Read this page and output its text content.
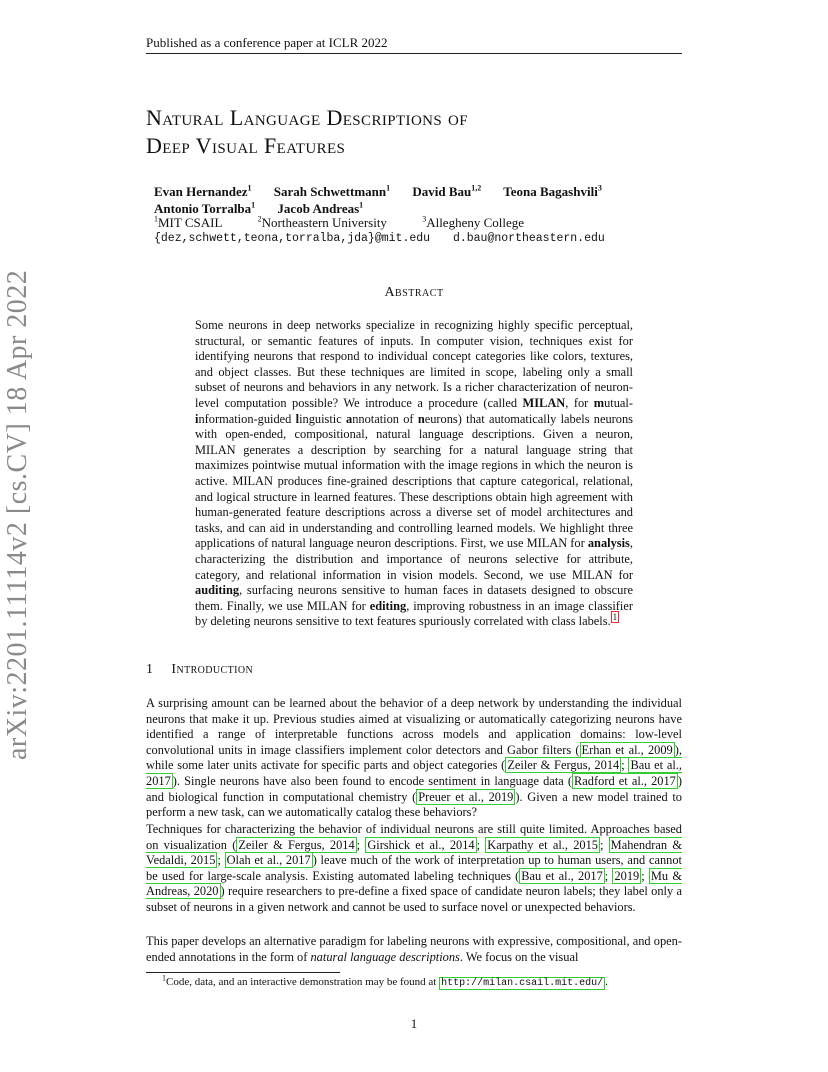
Published as a conference paper at ICLR 2022
arXiv:2201.11114v2 [cs.CV] 18 Apr 2022
Natural Language Descriptions of
Deep Visual Features
Evan Hernandez$^1$ Sarah Schwettmann$^1$ David Bau$^{1,2}$ Teona Bagashvili$^3$
Antonio Torralba$^1$ Jacob Andreas$^1$
$^1$MIT CSAIL	$^2$Northeastern University	$^3$Allegheny College
{dez,schwett,teona,torralba,jda}@mit.edu d.bau@northeastern.edu
Abstract
Some neurons in deep networks specialize in recognizing highly specific perceptual, structural, or semantic features of inputs. In computer vision, techniques exist for identifying neurons that respond to individual concept categories like colors, textures, and object classes. But these techniques are limited in scope, labeling only a small subset of neurons and behaviors in any network. Is a richer characterization of neuron-level computation possible? We introduce a procedure (called MILAN, for mutual-information-guided linguistic annotation of neurons) that automatically labels neurons with open-ended, compositional, natural language descriptions. Given a neuron, MILAN generates a description by searching for a natural language string that maximizes pointwise mutual information with the image regions in which the neuron is active. MILAN produces fine-grained descriptions that capture categorical, relational, and logical structure in learned features. These descriptions obtain high agreement with human-generated feature descriptions across a diverse set of model architectures and tasks, and can aid in understanding and controlling learned models. We highlight three applications of natural language neuron descriptions. First, we use MILAN for analysis, characterizing the distribution and importance of neurons selective for attribute, category, and relational information in vision models. Second, we use MILAN for auditing, surfacing neurons sensitive to human faces in datasets designed to obscure them. Finally, we use MILAN for editing, improving robustness in an image classifier by deleting neurons sensitive to text features spuriously correlated with class labels. $^1$
1 Introduction
A surprising amount can be learned about the behavior of a deep network by understanding the individual neurons that make it up. Previous studies aimed at visualizing or automatically categorizing neurons have identified a range of interpretable functions across models and application domains: low-level convolutional units in image classifiers implement color detectors and Gabor filters ( Erhan et al., 2009 ), while some later units activate for specific parts and object categories ( Zeiler & Fergus, 2014 ; Bau et al., 2017 ). Single neurons have also been found to encode sentiment in language data ( Radford et al., 2017 ) and biological function in computational chemistry ( Preuer et al., 2019 ). Given a new model trained to perform a new task, can we automatically catalog these behaviors?
Techniques for characterizing the behavior of individual neurons are still quite limited. Approaches based on visualization ( Zeiler & Fergus, 2014 ; Girshick et al., 2014 ; Karpathy et al., 2015 ; Mahendran & Vedaldi, 2015 ; Olah et al., 2017 ) leave much of the work of interpretation up to human users, and cannot be used for large-scale analysis. Existing automated labeling techniques ( Bau et al., 2017 ; 2019 ; Mu & Andreas, 2020 ) require researchers to pre-define a fixed space of candidate neuron labels; they label only a subset of neurons in a given network and cannot be used to surface novel or unexpected behaviors.
This paper develops an alternative paradigm for labeling neurons with expressive, compositional, and open-ended annotations in the form of natural language descriptions. We focus on the visual
$^1$Code, data, and an interactive demonstration may be found at http://milan.csail.mit.edu/ .
1
